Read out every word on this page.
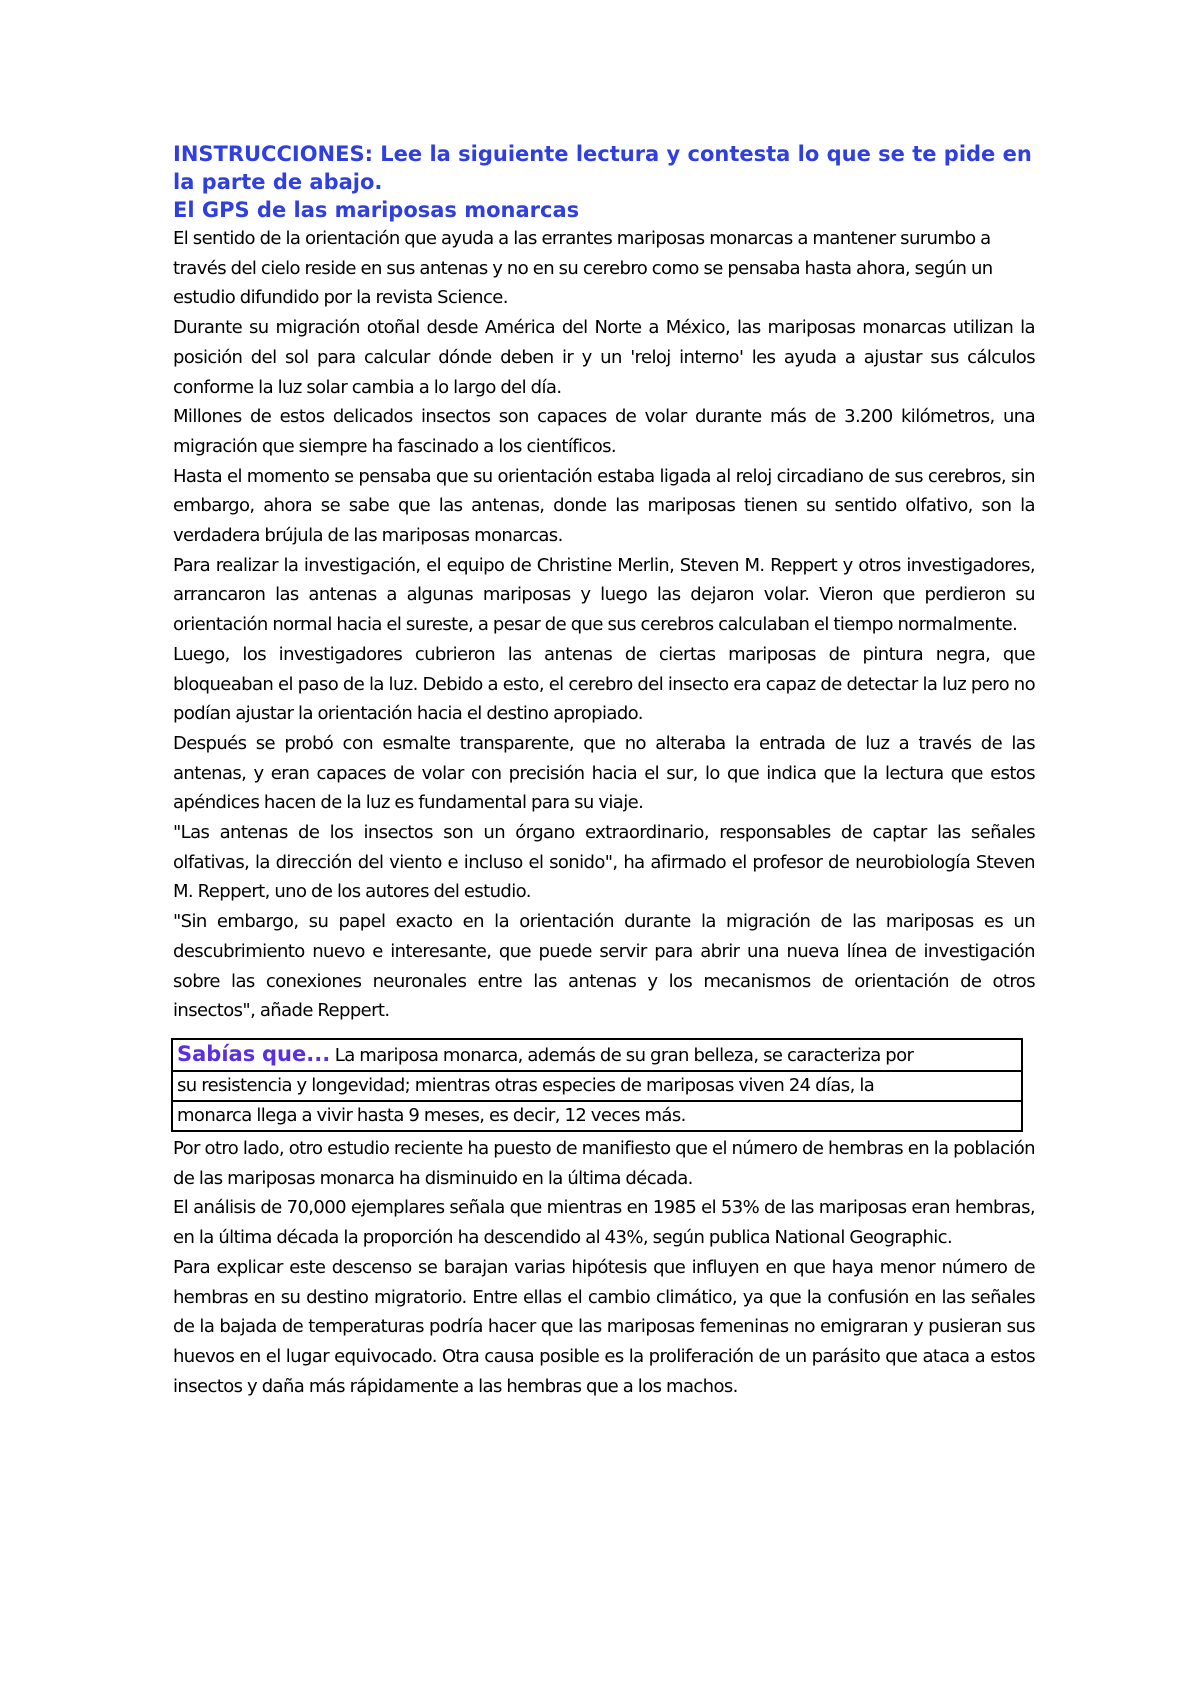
INSTRUCCIONES: Lee la siguiente lectura y contesta lo que se te pide en la parte de abajo.

El GPS de las mariposas monarcas

El sentido de la orientación que ayuda a las errantes mariposas monarcas a mantener surumbo a través del cielo reside en sus antenas y no en su cerebro como se pensaba hasta ahora, según un estudio difundido por la revista Science.

Durante su migración otoñal desde América del Norte a México, las mariposas monarcas utilizan la posición del sol para calcular dónde deben ir y un 'reloj interno' les ayuda a ajustar sus cálculos conforme la luz solar cambia a lo largo del día.

Millones de estos delicados insectos son capaces de volar durante más de 3.200 kilómetros, una migración que siempre ha fascinado a los científicos.

Hasta el momento se pensaba que su orientación estaba ligada al reloj circadiano de sus cerebros, sin embargo, ahora se sabe que las antenas, donde las mariposas tienen su sentido olfativo, son la verdadera brújula de las mariposas monarcas.

Para realizar la investigación, el equipo de Christine Merlin, Steven M. Reppert y otros investigadores, arrancaron las antenas a algunas mariposas y luego las dejaron volar. Vieron que perdieron su orientación normal hacia el sureste, a pesar de que sus cerebros calculaban el tiempo normalmente.

Luego, los investigadores cubrieron las antenas de ciertas mariposas de pintura negra, que bloqueaban el paso de la luz. Debido a esto, el cerebro del insecto era capaz de detectar la luz pero no podían ajustar la orientación hacia el destino apropiado.

Después se probó con esmalte transparente, que no alteraba la entrada de luz a través de las antenas, y eran capaces de volar con precisión hacia el sur, lo que indica que la lectura que estos apéndices hacen de la luz es fundamental para su viaje.

"Las antenas de los insectos son un órgano extraordinario, responsables de captar las señales olfativas, la dirección del viento e incluso el sonido", ha afirmado el profesor de neurobiología Steven M. Reppert, uno de los autores del estudio.

"Sin embargo, su papel exacto en la orientación durante la migración de las mariposas es un descubrimiento nuevo e interesante, que puede servir para abrir una nueva línea de investigación sobre las conexiones neuronales entre las antenas y los mecanismos de orientación de otros insectos", añade Reppert.

Sabías que... La mariposa monarca, además de su gran belleza, se caracteriza por
su resistencia y longevidad; mientras otras especies de mariposas viven 24 días, la
monarca llega a vivir hasta 9 meses, es decir, 12 veces más.

Por otro lado, otro estudio reciente ha puesto de manifiesto que el número de hembras en la población de las mariposas monarca ha disminuido en la última década.

El análisis de 70,000 ejemplares señala que mientras en 1985 el 53% de las mariposas eran hembras, en la última década la proporción ha descendido al 43%, según publica National Geographic.

Para explicar este descenso se barajan varias hipótesis que influyen en que haya menor número de hembras en su destino migratorio. Entre ellas el cambio climático, ya que la confusión en las señales de la bajada de temperaturas podría hacer que las mariposas femeninas no emigraran y pusieran sus huevos en el lugar equivocado. Otra causa posible es la proliferación de un parásito que ataca a estos insectos y daña más rápidamente a las hembras que a los machos.
